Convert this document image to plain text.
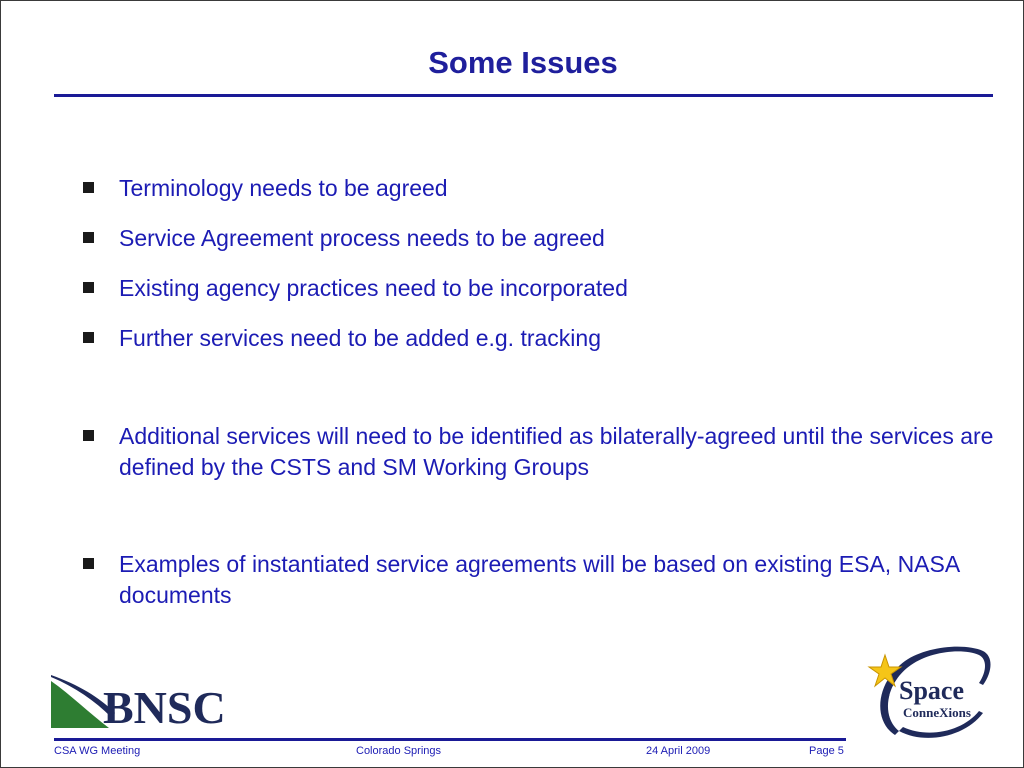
Some Issues
Terminology needs to be agreed
Service Agreement process needs to be agreed
Existing agency practices need to be incorporated
Further services need to be added e.g. tracking
Additional services will need to be identified as bilaterally-agreed until the services are defined by the CSTS and SM Working Groups
Examples of instantiated service agreements will be based on existing ESA, NASA documents
BNSC	Space
ConneXions
CSA WG Meeting	Colorado Springs	24 April 2009	Page 5
